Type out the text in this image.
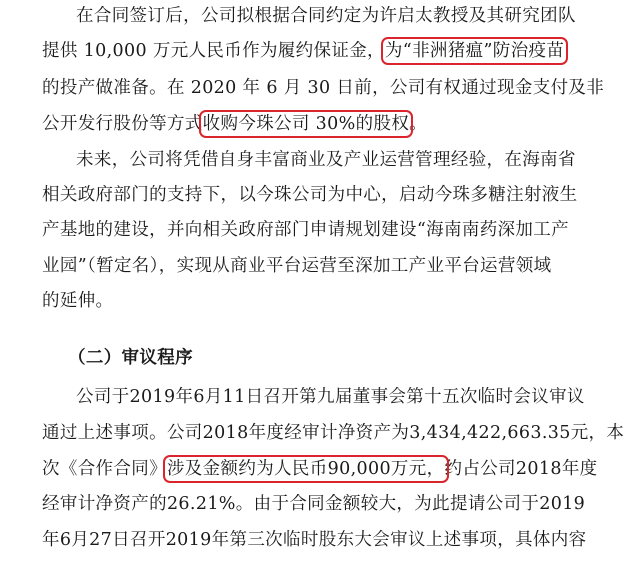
在合同签订后，公司拟根据合同约定为许启太教授及其研究团队
提供 10,000 万元人民币作为履约保证金，为“非洲猪瘟”防治疫苗
的投产做准备。在 2020 年 6 月 30 日前，公司有权通过现金支付及非
公开发行股份等方式收购今珠公司 30%的股权。
未来，公司将凭借自身丰富商业及产业运营管理经验，在海南省
相关政府部门的支持下，以今珠公司为中心，启动今珠多糖注射液生
产基地的建设，并向相关政府部门申请规划建设“海南南药深加工产
业园”（暂定名），实现从商业平台运营至深加工产业平台运营领域
的延伸。
（二）审议程序
公司于2019年6月11日召开第九届董事会第十五次临时会议审议
通过上述事项。公司2018年度经审计净资产为3,434,422,663.35元，本
次《合作合同》涉及金额约为人民币90,000万元，约占公司2018年度
经审计净资产的26.21%。由于合同金额较大，为此提请公司于2019
年6月27日召开2019年第三次临时股东大会审议上述事项，具体内容
